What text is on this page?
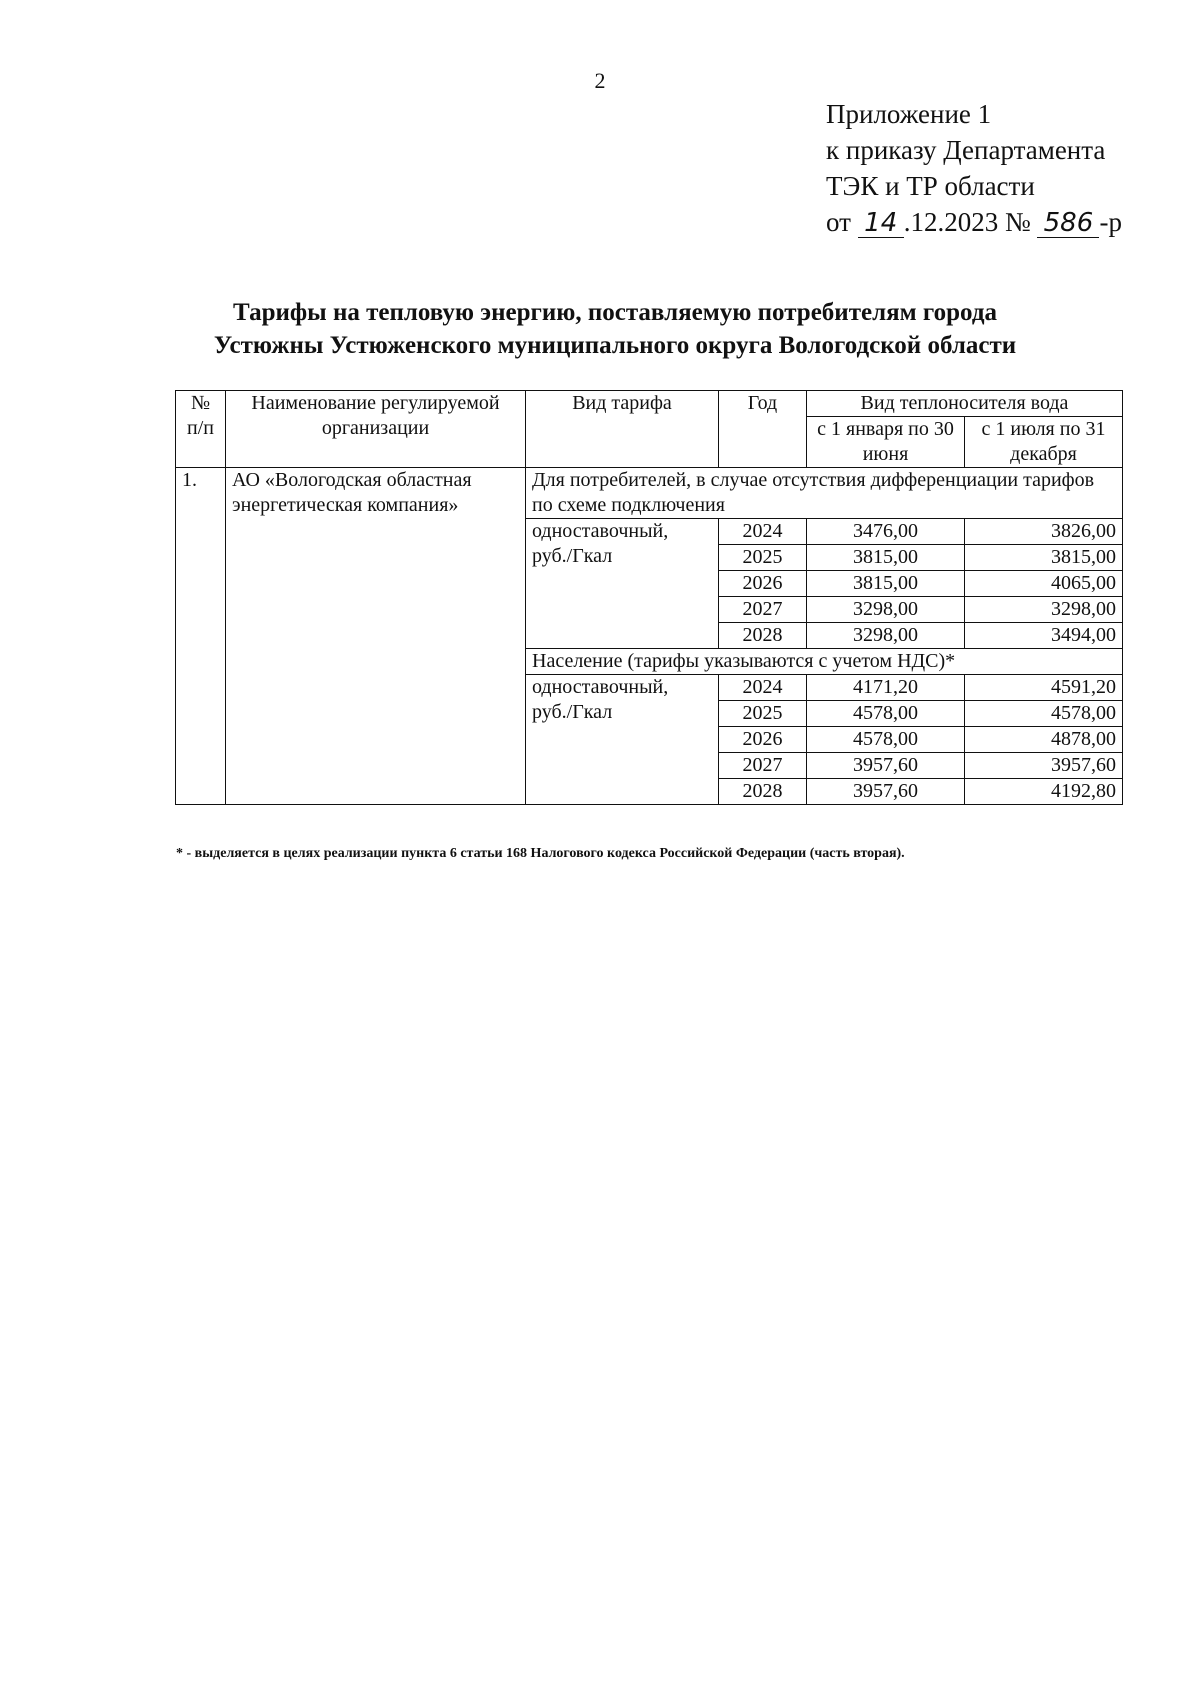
2
Приложение 1
к приказу Департамента
ТЭК и ТР области
от 14 .12.2023 № 586 -р
Тарифы на тепловую энергию, поставляемую потребителям города
Устюжны Устюженского муниципального округа Вологодской области
№ п/п	Наименование регулируемой организации	Вид тарифа	Год	Вид теплоносителя вода	
				с 1 января по 30 июня	с 1 июля по 31 декабря
1.	АО «Вологодская областная энергетическая компания»	Для потребителей, в случае отсутствия дифференциации тарифов по схеме подключения			
		одноставочный, руб./Гкал	2024	3476,00	3826,00
			2025	3815,00	3815,00
			2026	3815,00	4065,00
			2027	3298,00	3298,00
			2028	3298,00	3494,00
		Население (тарифы указываются с учетом НДС)*			
		одноставочный, руб./Гкал	2024	4171,20	4591,20
			2025	4578,00	4578,00
			2026	4578,00	4878,00
			2027	3957,60	3957,60
			2028	3957,60	4192,80
* - выделяется в целях реализации пункта 6 статьи 168 Налогового кодекса Российской Федерации (часть вторая).
